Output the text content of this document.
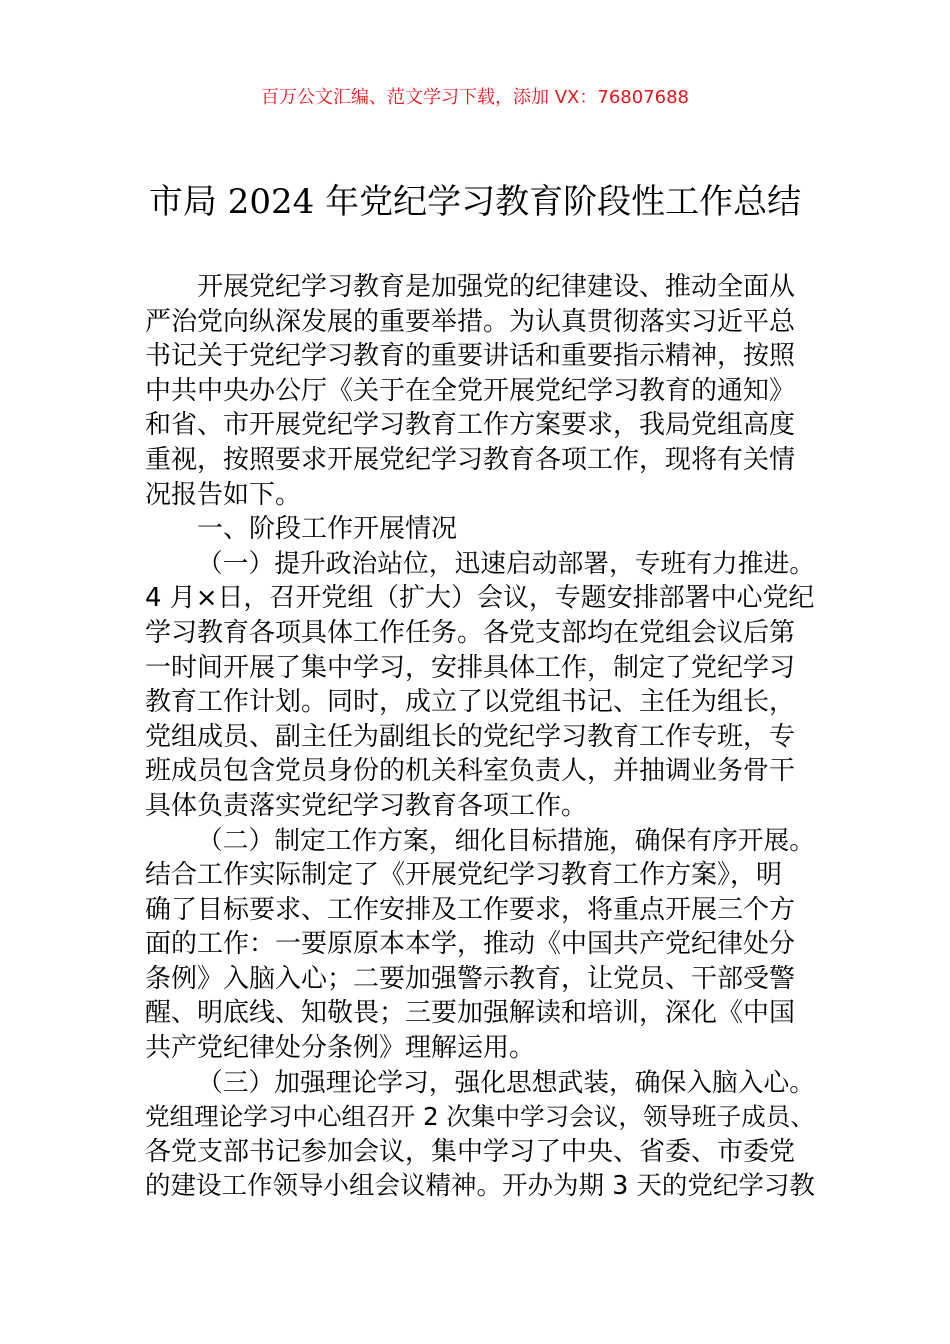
百万公文汇编、范文学习下载，添加 VX：76807688
市局 2024 年党纪学习教育阶段性工作总结
开展党纪学习教育是加强党的纪律建设、推动全面从
严治党向纵深发展的重要举措。为认真贯彻落实习近平总
书记关于党纪学习教育的重要讲话和重要指示精神，按照
中共中央办公厅《关于在全党开展党纪学习教育的通知》
和省、市开展党纪学习教育工作方案要求，我局党组高度
重视，按照要求开展党纪学习教育各项工作，现将有关情
况报告如下。
一、阶段工作开展情况
（一）提升政治站位，迅速启动部署，专班有力推进。
4 月×日，召开党组（扩大）会议，专题安排部署中心党纪
学习教育各项具体工作任务。各党支部均在党组会议后第
一时间开展了集中学习，安排具体工作，制定了党纪学习
教育工作计划。同时，成立了以党组书记、主任为组长，
党组成员、副主任为副组长的党纪学习教育工作专班，专
班成员包含党员身份的机关科室负责人，并抽调业务骨干
具体负责落实党纪学习教育各项工作。
（二）制定工作方案，细化目标措施，确保有序开展。
结合工作实际制定了《开展党纪学习教育工作方案》，明
确了目标要求、工作安排及工作要求，将重点开展三个方
面的工作：一要原原本本学，推动《中国共产党纪律处分
条例》入脑入心；二要加强警示教育，让党员、干部受警
醒、明底线、知敬畏；三要加强解读和培训，深化《中国
共产党纪律处分条例》理解运用。
（三）加强理论学习，强化思想武装，确保入脑入心。
党组理论学习中心组召开 2 次集中学习会议，领导班子成员、
各党支部书记参加会议，集中学习了中央、省委、市委党
的建设工作领导小组会议精神。开办为期 3 天的党纪学习教
